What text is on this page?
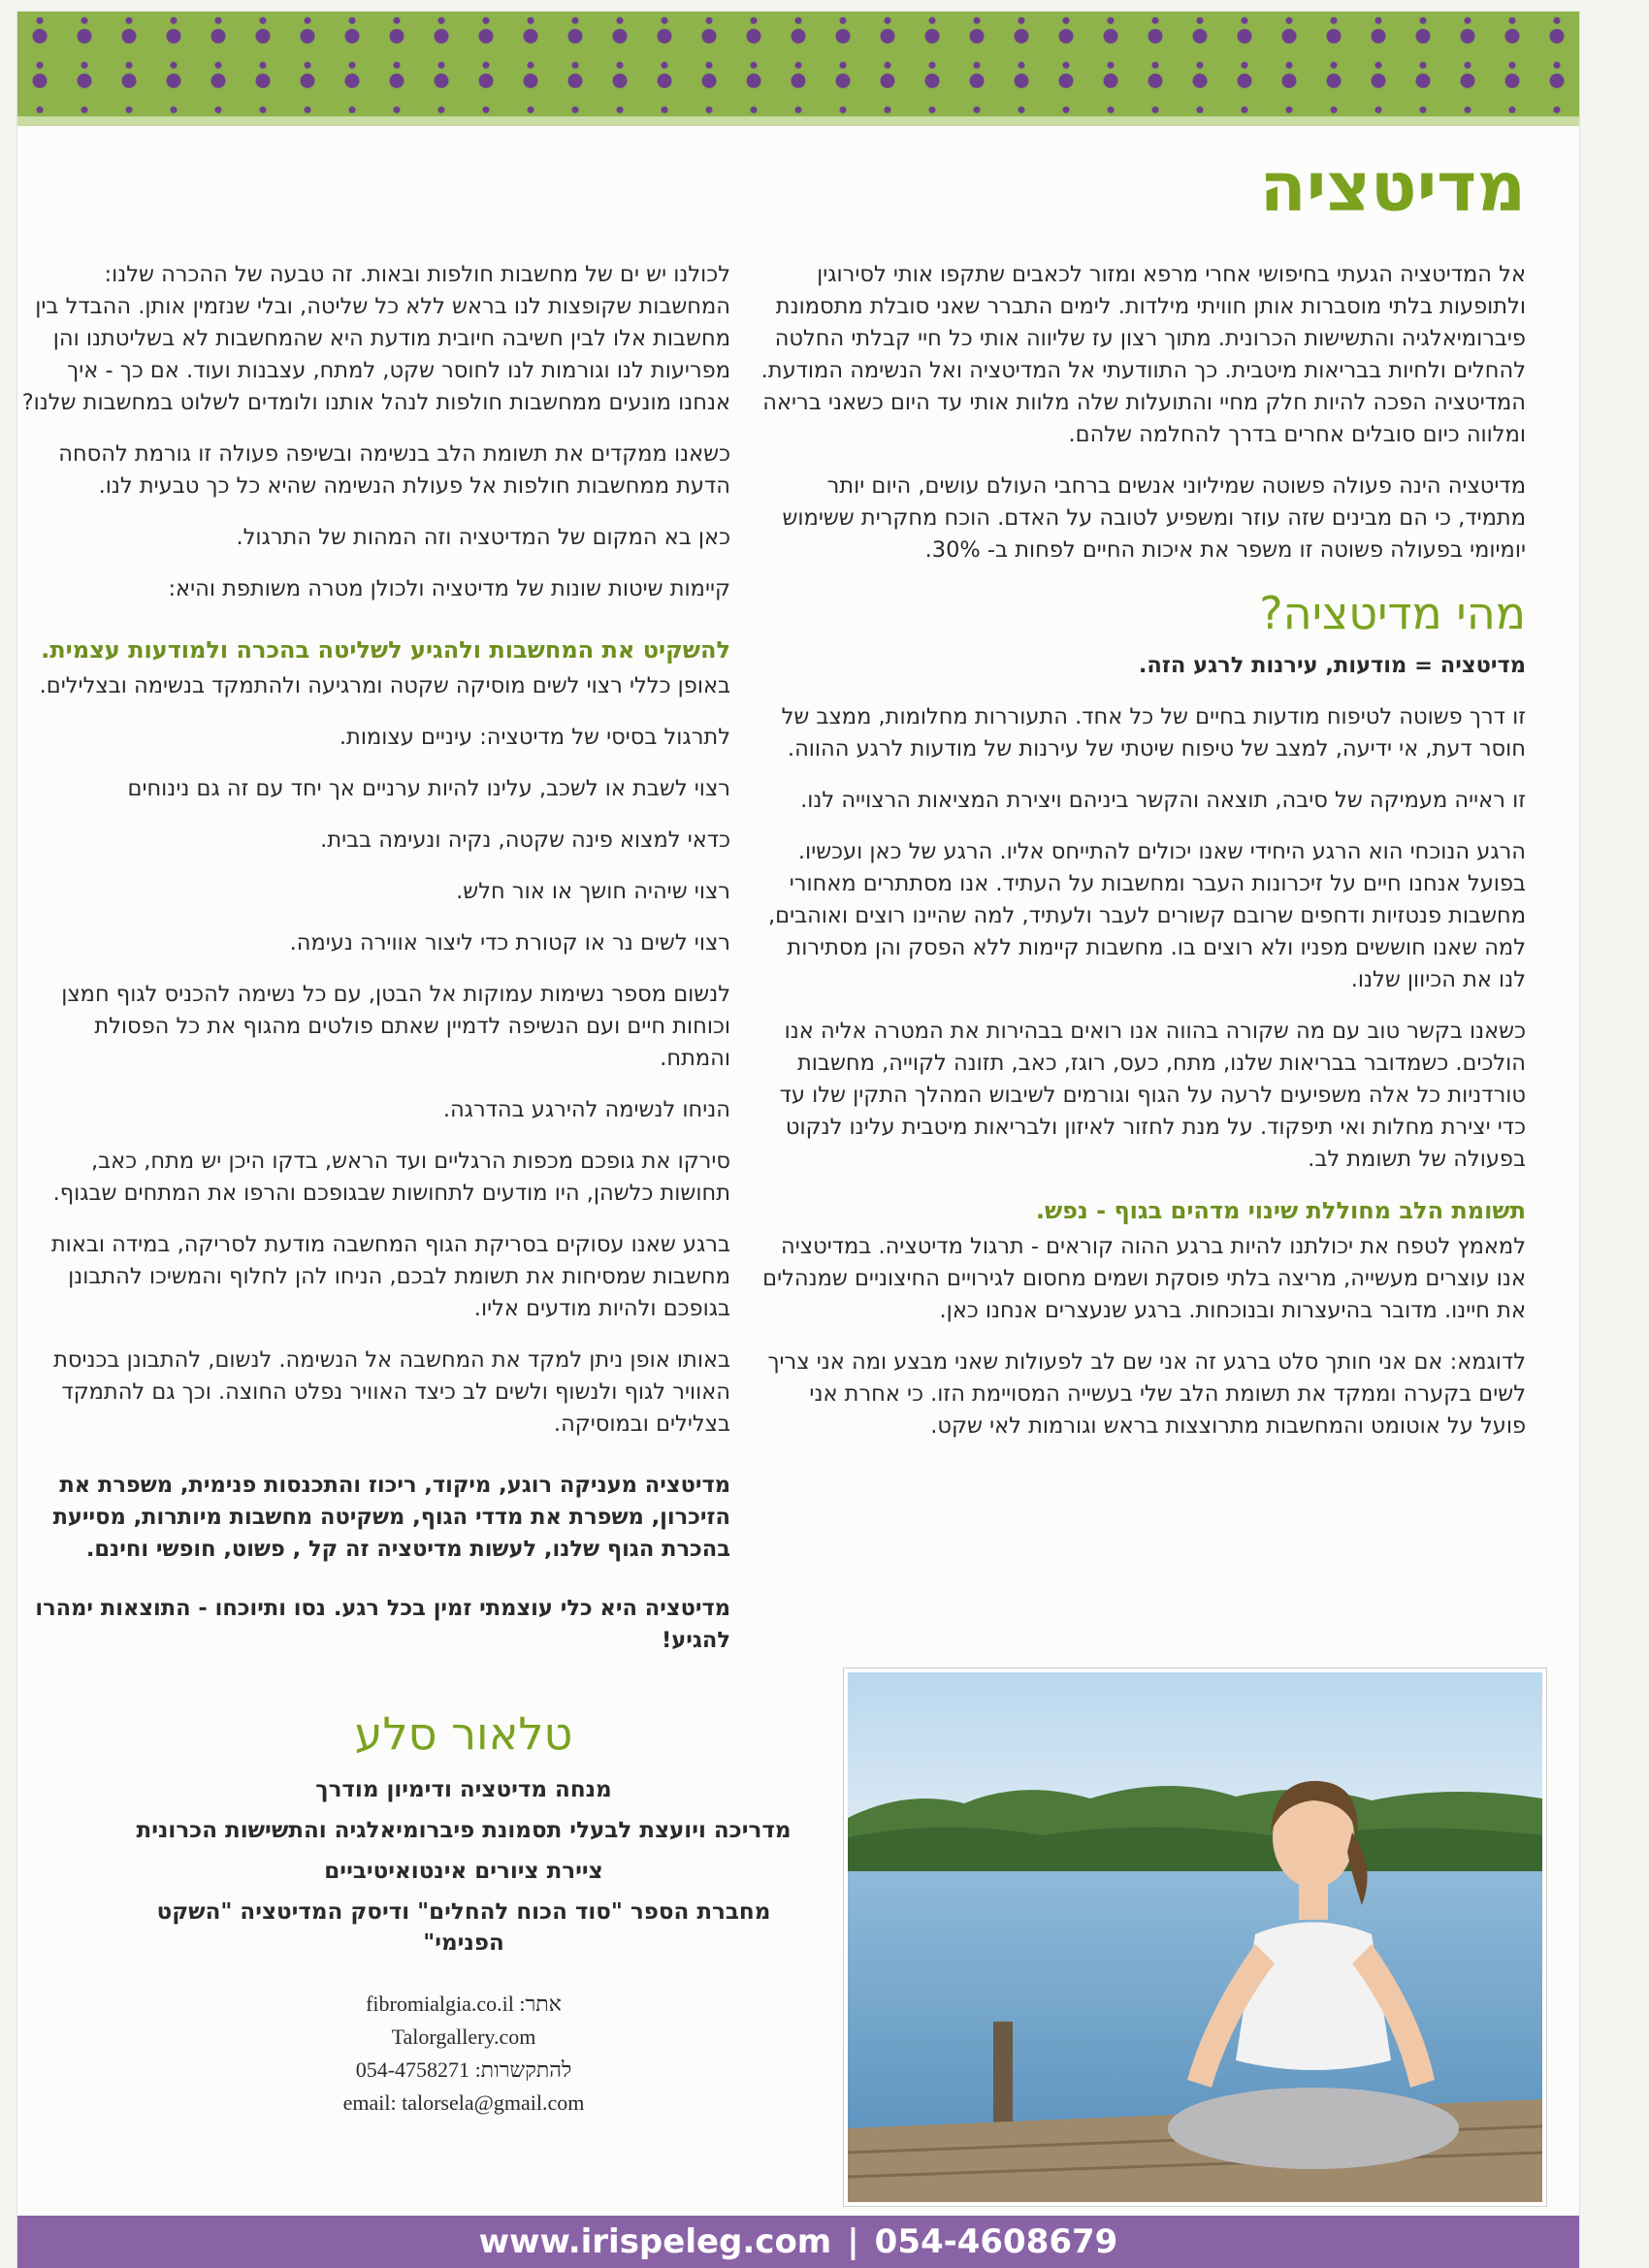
מדיטציה

אל המדיטציה הגעתי בחיפושי אחרי מרפא ומזור לכאבים שתקפו אותי לסירוגין ולתופעות בלתי מוסברות אותן חוויתי מילדות. לימים התברר שאני סובלת מתסמונת פיברומיאלגיה והתשישות הכרונית. מתוך רצון עז שליווה אותי כל חיי קבלתי החלטה להחלים ולחיות בבריאות מיטבית. כך התוודעתי אל המדיטציה ואל הנשימה המודעת. המדיטציה הפכה להיות חלק מחיי והתועלות שלה מלוות אותי עד היום כשאני בריאה ומלווה כיום סובלים אחרים בדרך להחלמה שלהם.

מדיטציה הינה פעולה פשוטה שמיליוני אנשים ברחבי העולם עושים, היום יותר מתמיד, כי הם מבינים שזה עוזר ומשפיע לטובה על האדם. הוכח מחקרית ששימוש יומיומי בפעולה פשוטה זו משפר את איכות החיים לפחות ב- 30%.

מהי מדיטציה?

מדיטציה = מודעות, עירנות לרגע הזה.

זו דרך פשוטה לטיפוח מודעות בחיים של כל אחד. התעוררות מחלומות, ממצב של חוסר דעת, אי ידיעה, למצב של טיפוח שיטתי של עירנות של מודעות לרגע ההווה.

זו ראייה מעמיקה של סיבה, תוצאה והקשר ביניהם ויצירת המציאות הרצוייה לנו.

הרגע הנוכחי הוא הרגע היחידי שאנו יכולים להתייחס אליו. הרגע של כאן ועכשיו. בפועל אנחנו חיים על זיכרונות העבר ומחשבות על העתיד. אנו מסתתרים מאחורי מחשבות פנטזיות ודחפים שרובם קשורים לעבר ולעתיד, למה שהיינו רוצים ואוהבים, למה שאנו חוששים מפניו ולא רוצים בו. מחשבות קיימות ללא הפסק והן מסתירות לנו את הכיוון שלנו.

כשאנו בקשר טוב עם מה שקורה בהווה אנו רואים בבהירות את המטרה אליה אנו הולכים. כשמדובר בבריאות שלנו, מתח, כעס, רוגז, כאב, תזונה לקוייה, מחשבות טורדניות כל אלה משפיעים לרעה על הגוף וגורמים לשיבוש המהלך התקין שלו עד כדי יצירת מחלות ואי תיפקוד. על מנת לחזור לאיזון ולבריאות מיטבית עלינו לנקוט בפעולה של תשומת לב.

תשומת הלב מחוללת שינוי מדהים בגוף - נפש.

למאמץ לטפח את יכולתנו להיות ברגע ההוה קוראים - תרגול מדיטציה. במדיטציה אנו עוצרים מעשייה, מריצה בלתי פוסקת ושמים מחסום לגירויים החיצוניים שמנהלים את חיינו. מדובר בהיעצרות ובנוכחות. ברגע שנעצרים אנחנו כאן.

לדוגמא: אם אני חותך סלט ברגע זה אני שם לב לפעולות שאני מבצע ומה אני צריך לשים בקערה וממקד את תשומת הלב שלי בעשייה המסויימת הזו. כי אחרת אני פועל על אוטומט והמחשבות מתרוצצות בראש וגורמות לאי שקט.

לכולנו יש ים של מחשבות חולפות ובאות. זה טבעה של ההכרה שלנו: המחשבות שקופצות לנו בראש ללא כל שליטה, ובלי שנזמין אותן. ההבדל בין מחשבות אלו לבין חשיבה חיובית מודעת היא שהמחשבות לא בשליטתנו והן מפריעות לנו וגורמות לנו לחוסר שקט, למתח, עצבנות ועוד. אם כך - איך אנחנו מונעים ממחשבות חולפות לנהל אותנו ולומדים לשלוט במחשבות שלנו?

כשאנו ממקדים את תשומת הלב בנשימה ובשיפה פעולה זו גורמת להסחה הדעת ממחשבות חולפות אל פעולת הנשימה שהיא כל כך טבעית לנו.

כאן בא המקום של המדיטציה וזה המהות של התרגול.

קיימות שיטות שונות של מדיטציה ולכולן מטרה משותפת והיא:

להשקיט את המחשבות ולהגיע לשליטה בהכרה ולמודעות עצמית.

באופן כללי רצוי לשים מוסיקה שקטה ומרגיעה ולהתמקד בנשימה ובצלילים.

לתרגול בסיסי של מדיטציה: עיניים עצומות.

רצוי לשבת או לשכב, עלינו להיות ערניים אך יחד עם זה גם נינוחים

כדאי למצוא פינה שקטה, נקיה ונעימה בבית.

רצוי שיהיה חושך או אור חלש.

רצוי לשים נר או קטורת כדי ליצור אווירה נעימה.

לנשום מספר נשימות עמוקות אל הבטן, עם כל נשימה להכניס לגוף חמצן וכוחות חיים ועם הנשיפה לדמיין שאתם פולטים מהגוף את כל הפסולת והמתח.

הניחו לנשימה להירגע בהדרגה.

סירקו את גופכם מכפות הרגליים ועד הראש, בדקו היכן יש מתח, כאב, תחושות כלשהן, היו מודעים לתחושות שבגופכם והרפו את המתחים שבגוף.

ברגע שאנו עסוקים בסריקת הגוף המחשבה מודעת לסריקה, במידה ובאות מחשבות שמסיחות את תשומת לבכם, הניחו להן לחלוף והמשיכו להתבונן בגופכם ולהיות מודעים אליו.

באותו אופן ניתן למקד את המחשבה אל הנשימה. לנשום, להתבונן בכניסת האוויר לגוף ולנשוף ולשים לב כיצד האוויר נפלט החוצה. וכך גם להתמקד בצלילים ובמוסיקה.

מדיטציה מעניקה רוגע, מיקוד, ריכוז והתכנסות פנימית, משפרת את הזיכרון, משפרת את מדדי הגוף, משקיטה מחשבות מיותרות, מסייעת בהכרת הגוף שלנו, לעשות מדיטציה זה קל , פשוט, חופשי וחינם.

מדיטציה היא כלי עוצמתי זמין בכל רגע. נסו ותיוכחו - התוצאות ימהרו להגיע!

טלאור סלע

מנחה מדיטציה ודימיון מודרך

מדריכה ויועצת לבעלי תסמונת פיברומיאלגיה והתשישות הכרונית

ציירת ציורים אינטואיטיביים

מחברת הספר "סוד הכוח להחלים" ודיסק המדיטציה "השקט הפנימי"

אתר: fibromialgia.co.il

Talorgallery.com

להתקשרות: 054-4758271

email: talorsela@gmail.com

www.irispeleg.com | 054-4608679
